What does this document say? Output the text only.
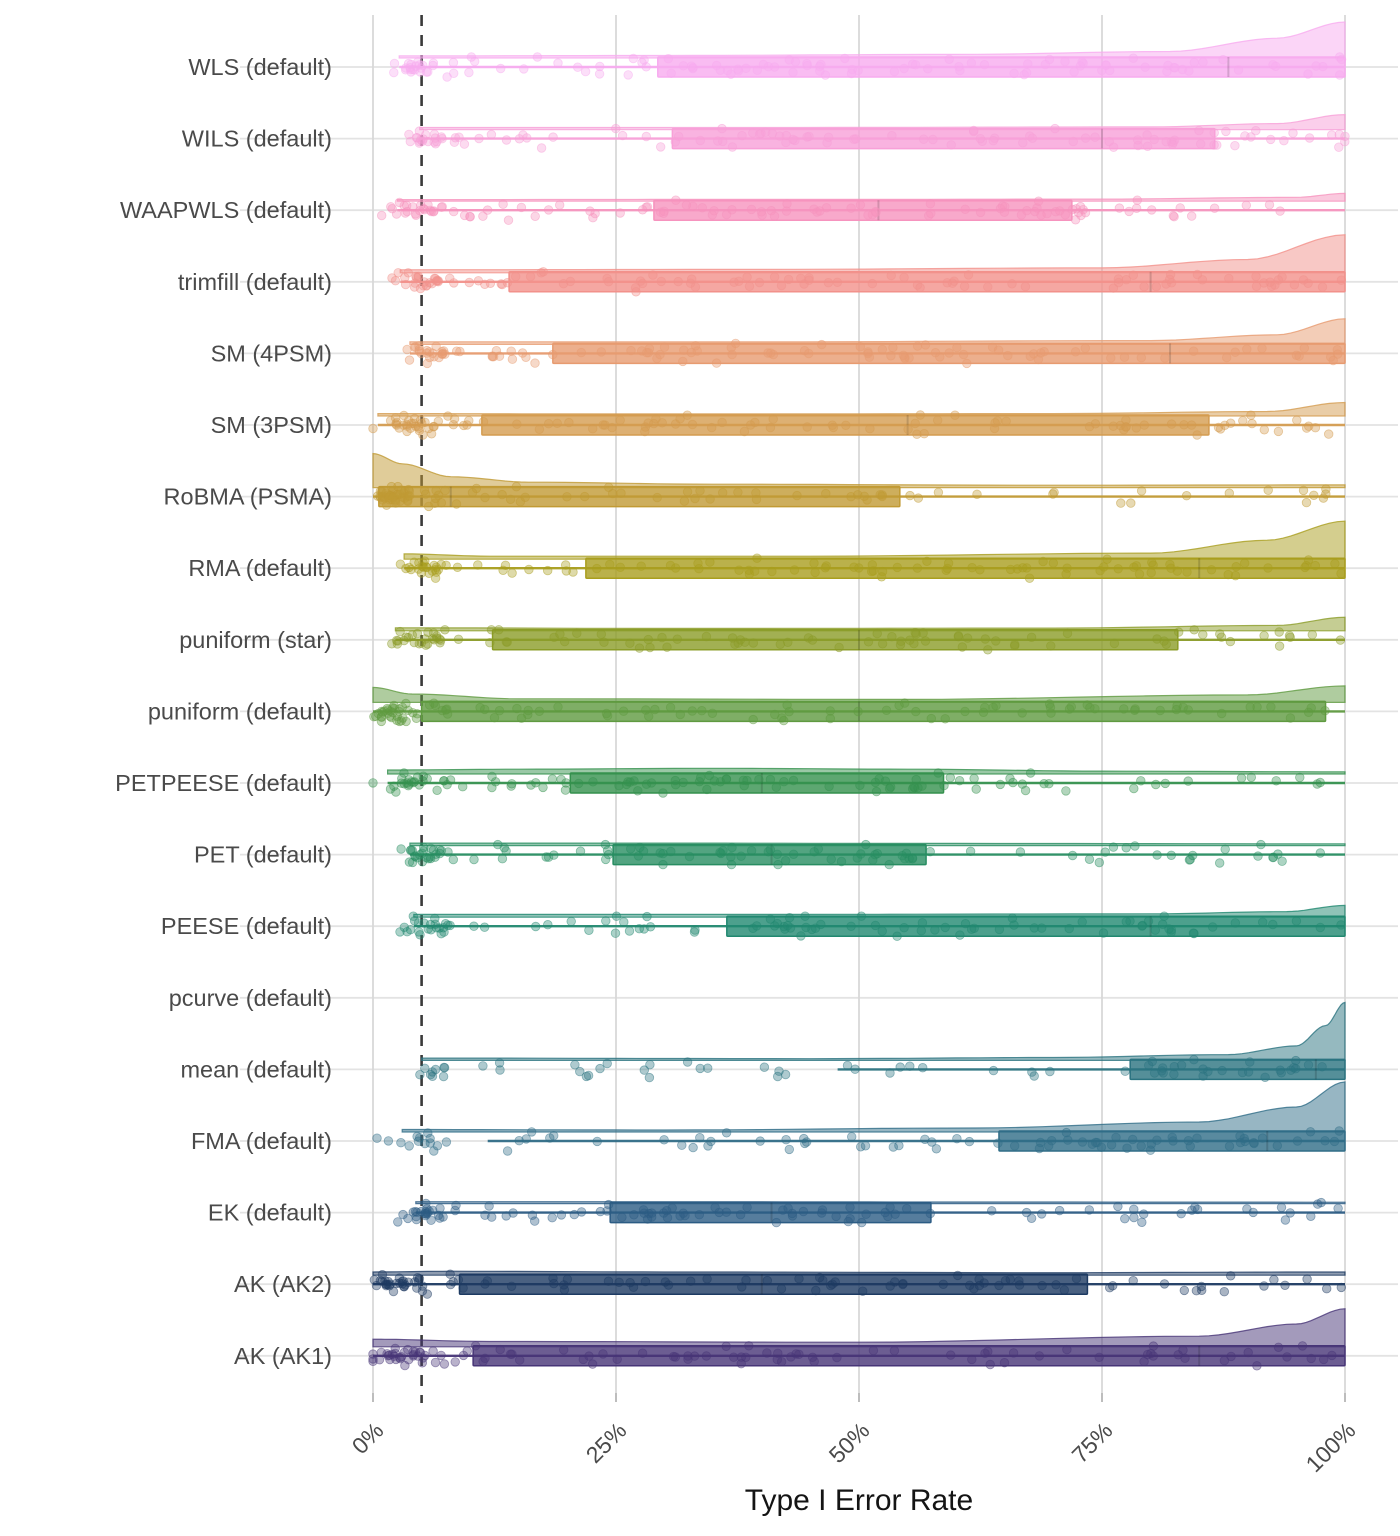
WLS (default)
WILS (default)
WAAPWLS (default)
trimfill (default)
SM (4PSM)
SM (3PSM)
RoBMA (PSMA)
RMA (default)
puniform (star)
puniform (default)
PETPEESE (default)
PET (default)
PEESE (default)
pcurve (default)
mean (default)
FMA (default)
EK (default)
AK (AK2)
AK (AK1)
0%	25%	50%	75%	100%
Type I Error Rate
